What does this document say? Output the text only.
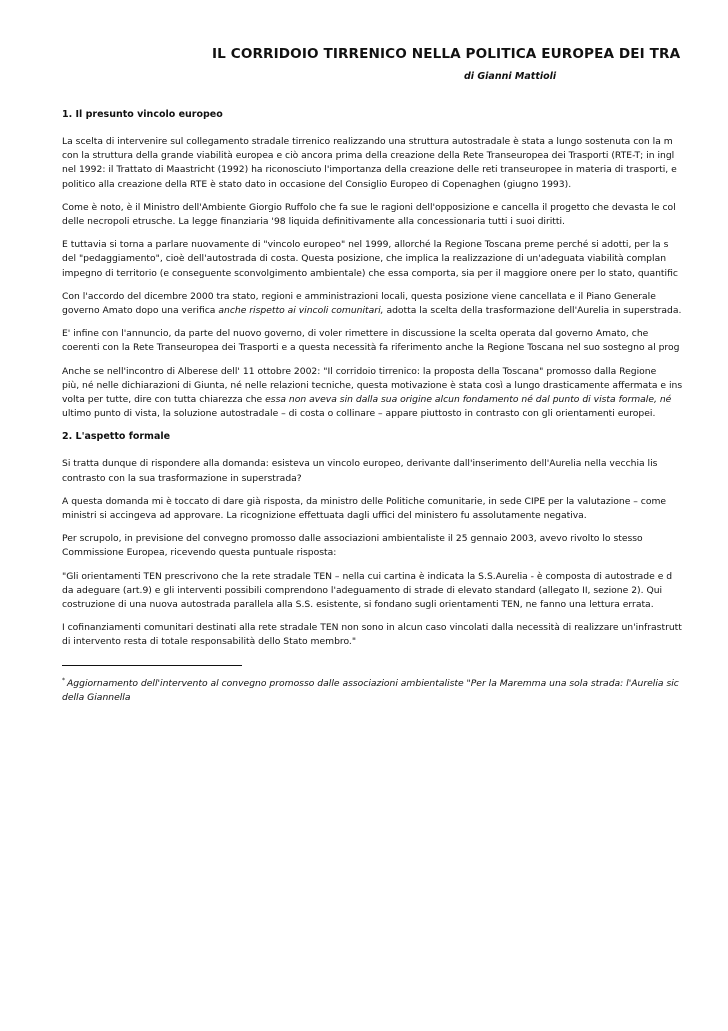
IL CORRIDOIO TIRRENICO NELLA POLITICA EUROPEA DEI TRA
di Gianni Mattioli
1. Il presunto vincolo europeo
La scelta di intervenire sul collegamento stradale tirrenico realizzando una struttura autostradale è stata a lungo sostenuta con la m
con la struttura della grande viabilità europea e ciò ancora prima della creazione della Rete Transeuropea dei Trasporti (RTE-T; in ingl
nel 1992: il Trattato di Maastricht (1992) ha riconosciuto l'importanza della creazione delle reti transeuropee in materia di trasporti, e
politico alla creazione della RTE è stato dato in occasione del Consiglio Europeo di Copenaghen (giugno 1993).
Come è noto, è il Ministro dell'Ambiente Giorgio Ruffolo che fa sue le ragioni dell'opposizione e cancella il progetto che devasta le col
delle necropoli etrusche. La legge finanziaria '98 liquida definitivamente alla concessionaria tutti i suoi diritti.
E tuttavia si torna a parlare nuovamente di "vincolo europeo" nel 1999, allorché la Regione Toscana preme perché si adotti, per la s
del "pedaggiamento", cioè dell'autostrada di costa. Questa posizione, che implica la realizzazione di un'adeguata viabilità complan
impegno di territorio (e conseguente sconvolgimento ambientale) che essa comporta, sia per il maggiore onere per lo stato, quantific
Con l'accordo del dicembre 2000 tra stato, regioni e amministrazioni locali, questa posizione viene cancellata e il Piano Generale
governo Amato dopo una verifica anche rispetto ai vincoli comunitari, adotta la scelta della trasformazione dell'Aurelia in superstrada.
E' infine con l'annuncio, da parte del nuovo governo, di voler rimettere in discussione la scelta operata dal governo Amato, che
coerenti con la Rete Transeuropea dei Trasporti e a questa necessità fa riferimento anche la Regione Toscana nel suo sostegno al prog
Anche se nell'incontro di Alberese dell' 11 ottobre 2002: "Il corridoio tirrenico: la proposta della Toscana" promosso dalla Regione
più, né nelle dichiarazioni di Giunta, né nelle relazioni tecniche, questa motivazione è stata così a lungo drasticamente affermata e ins
volta per tutte, dire con tutta chiarezza che essa non aveva sin dalla sua origine alcun fondamento né dal punto di vista formale, né
ultimo punto di vista, la soluzione autostradale – di costa o collinare – appare piuttosto in contrasto con gli orientamenti europei.
2. L'aspetto formale
Si tratta dunque di rispondere alla domanda: esisteva un vincolo europeo, derivante dall'inserimento dell'Aurelia nella vecchia lis
contrasto con la sua trasformazione in superstrada?
A questa domanda mi è toccato di dare già risposta, da ministro delle Politiche comunitarie, in sede CIPE per la valutazione – come
ministri si accingeva ad approvare. La ricognizione effettuata dagli uffici del ministero fu assolutamente negativa.
Per scrupolo, in previsione del convegno promosso dalle associazioni ambientaliste il 25 gennaio 2003, avevo rivolto lo stesso
Commissione Europea, ricevendo questa puntuale risposta:
"Gli orientamenti TEN prescrivono che la rete stradale TEN – nella cui cartina è indicata la S.S.Aurelia - è composta di autostrade e d
da adeguare (art.9) e gli interventi possibili comprendono l'adeguamento di strade di elevato standard (allegato II, sezione 2). Qui
costruzione di una nuova autostrada parallela alla S.S. esistente, si fondano sugli orientamenti TEN, ne fanno una lettura errata.
I cofinanziamenti comunitari destinati alla rete stradale TEN non sono in alcun caso vincolati dalla necessità di realizzare un'infrastrutt
di intervento resta di totale responsabilità dello Stato membro."
* Aggiornamento dell'intervento al convegno promosso dalle associazioni ambientaliste "Per la Maremma una sola strada: l'Aurelia sic
della Giannella
